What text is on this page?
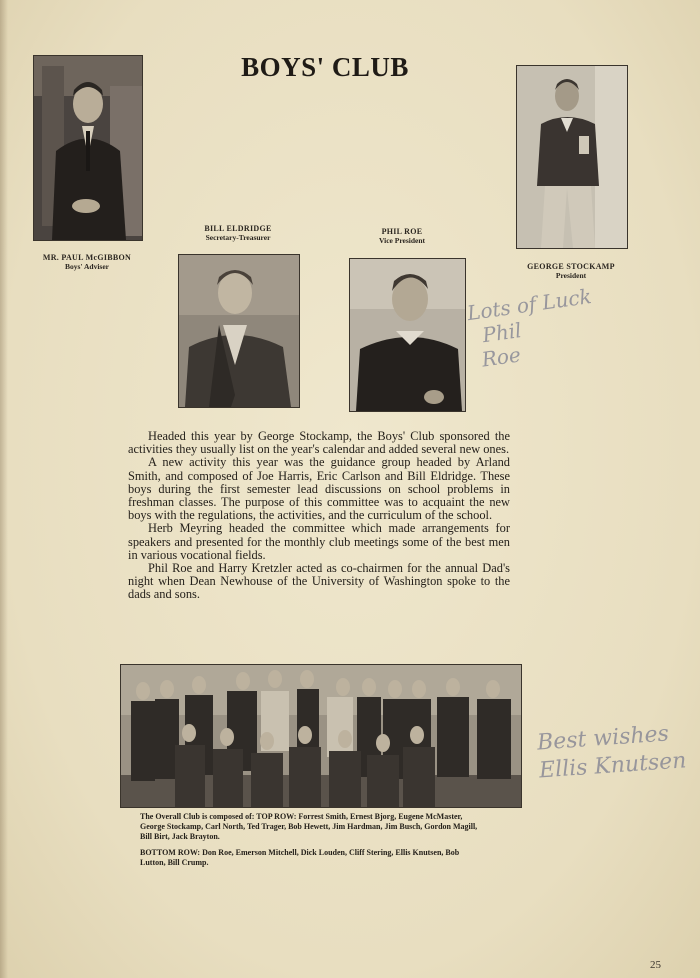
BOYS' CLUB
MR. PAUL McGIBBON
Boys' Adviser	GEORGE STOCKAMP
President
BILL ELDRIDGE
Secretary-Treasurer
PHIL ROE
Vice President
Lots of Luck
Phil
Roe

Headed this year by George Stockamp, the Boys' Club sponsored the activities they usually list on the year's calendar and added several new ones.

A new activity this year was the guidance group headed by Arland Smith, and composed of Joe Harris, Eric Carlson and Bill Eldridge. These boys during the first semester lead discussions on school problems in freshman classes. The purpose of this committee was to acquaint the new boys with the regulations, the activities, and the curriculum of the school.

Herb Meyring headed the committee which made arrangements for speakers and presented for the monthly club meetings some of the best men in various vocational fields.

Phil Roe and Harry Kretzler acted as co-chairmen for the annual Dad's night when Dean Newhouse of the University of Washington spoke to the dads and sons.

Best wishes
Ellis Knutsen

The Overall Club is composed of: TOP ROW: Forrest Smith, Ernest Bjorg, Eugene McMaster, George Stockamp, Carl North, Ted Trager, Bob Hewett, Jim Hardman, Jim Busch, Gordon Magill, Bill Birt, Jack Brayton.

BOTTOM ROW: Don Roe, Emerson Mitchell, Dick Louden, Cliff Stering, Ellis Knutsen, Bob Lutton, Bill Crump.

25
